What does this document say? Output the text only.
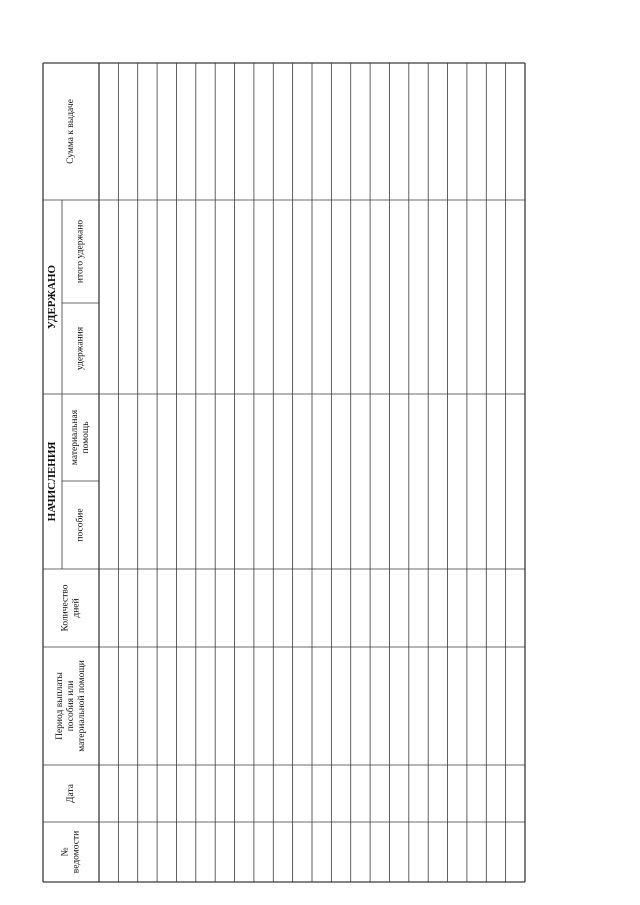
№ ведомости
Дата
Период выплаты пособия или материальной помощи
Количество дней
НАЧИСЛЕНИЯ
пособие
материальная помощь
УДЕРЖАНО
удержания
итого удержано
Сумма к выдаче
